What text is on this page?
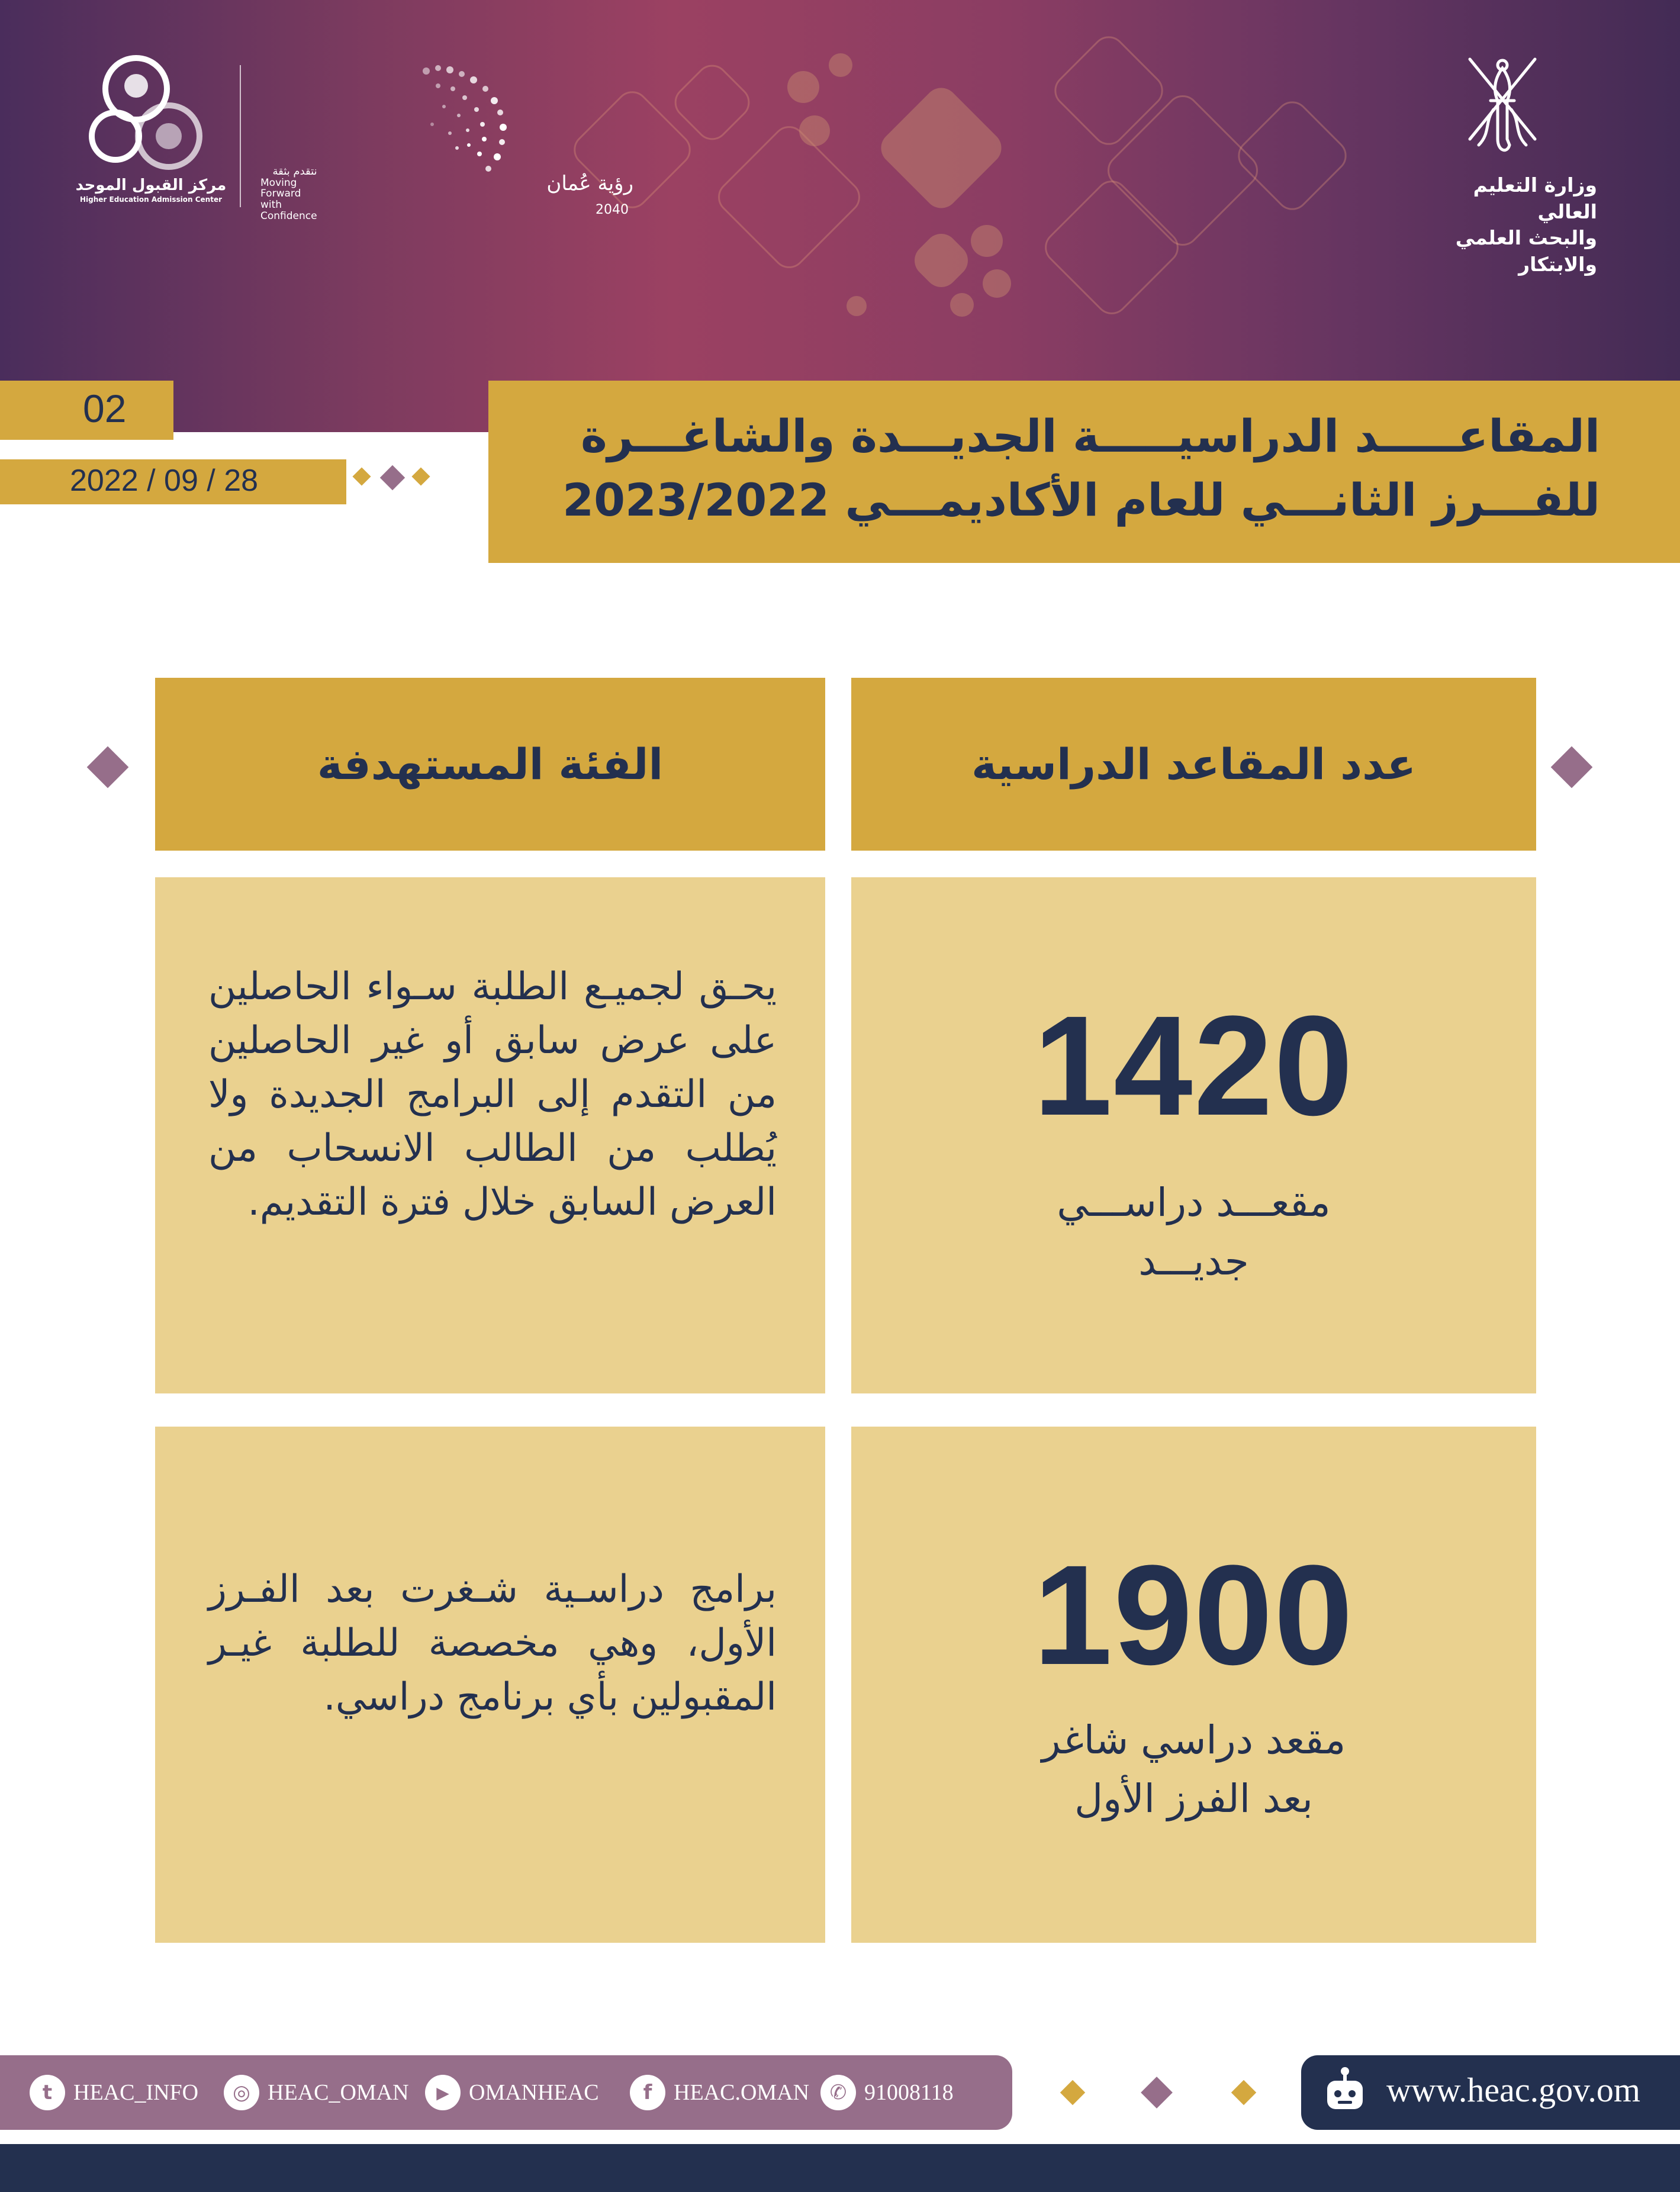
وزارة التعليم العالي
والبحث العلمي والابتكار
مركز القبول الموحد
Higher Education Admission Center
نتقدم بثقة
Moving Forward
with Confidence
رؤية عُمان 2040
02
2022 / 09 / 28
المقاعـــــد الدراسيـــــة الجديـــدة والشاغـــرة
للفـــرز الثانـــي للعام الأكاديمـــي 2023/2022
عدد المقاعد الدراسية
الفئة المستهدفة
1420
مقعـــد دراســـي
جديـــد
يحـق لجميـع الطلبة سـواء الحاصلين على عرض سابق أو غير الحاصلين من التقدم إلى البرامج الجديدة ولا يُطلب من الطالب الانسحاب من العرض السابق خلال فترة التقديم.
1900
مقعد دراسي شاغر
بعد الفرز الأول
برامج دراسـية شـغرت بعد الفـرز الأول، وهي مخصصة للطلبة غيـر المقبولين بأي برنامج دراسي.
t HEAC_INFO ◎ HEAC_OMAN ▶ OMANHEAC f HEAC.OMAN ✆ 91008118	www.heac.gov.om
